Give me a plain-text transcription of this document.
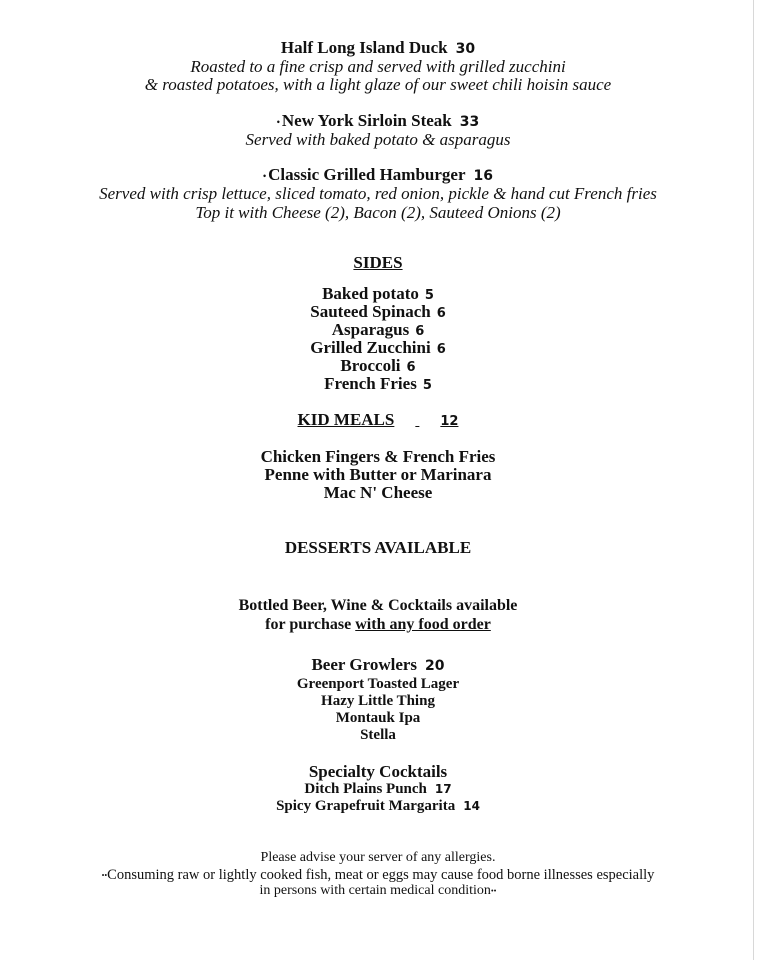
Half Long Island Duck 30
Roasted to a fine crisp and served with grilled zucchini
& roasted potatoes, with a light glaze of our sweet chili hoisin sauce
• New York Sirloin Steak 33
Served with baked potato & asparagus
• Classic Grilled Hamburger 16
Served with crisp lettuce, sliced tomato, red onion, pickle & hand cut French fries
Top it with Cheese (2), Bacon (2), Sauteed Onions (2)
SIDES
Baked potato 5
Sauteed Spinach 6
Asparagus 6
Grilled Zucchini 6
Broccoli 6
French Fries 5
KID MEALS	12
Chicken Fingers & French Fries
Penne with Butter or Marinara
Mac N' Cheese
DESSERTS AVAILABLE
Bottled Beer, Wine & Cocktails available
for purchase with any food order
Beer Growlers 20
Greenport Toasted Lager
Hazy Little Thing
Montauk Ipa
Stella
Specialty Cocktails
Ditch Plains Punch 17
Spicy Grapefruit Margarita 14
Please advise your server of any allergies.
••Consuming raw or lightly cooked fish, meat or eggs may cause food borne illnesses especially
in persons with certain medical condition••
